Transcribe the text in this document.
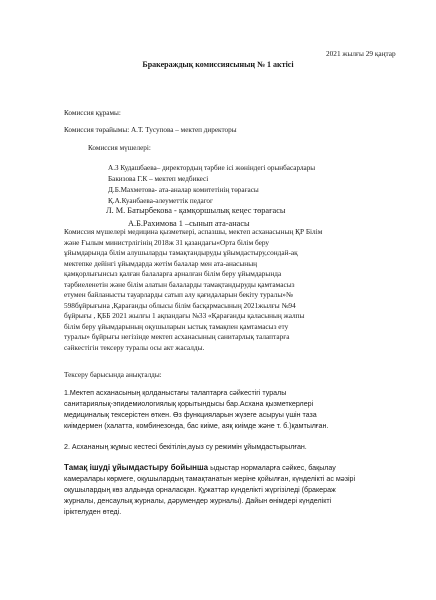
2021 жылғы 29 қаңтар
Бракераждық комиссиясының № 1 актісі
Комиссия құрамы:
Комиссия төрайымы: А.Т. Тусупова – мектеп директоры
Комиссия мүшелері:
А.З Кудашбаева– директордың тәрбие ісі жөніндегі орынбасарлары
Бакизова Г.К – мектеп медбикесі
Д.Б.Махметова- ата-аналар комитетінің төрағасы
Қ.А.Куанбаева-әлеуметтік педагог
Л. М. Батырбекова - қамқоршылық кеңес төрағасы
А.Б.Рахимова 1 –сынып ата-анасы
Комиссия мүшелері медицина қызметкері, аспазшы, мектеп асханасының ҚР Білім
және Ғылым министрлігінің 2018ж 31 қазандағы«Орта білім беру
ұйымдарында білім алушыларды тамақтандыруды ұйымдастыру,сондай-ақ
мектепке дейінгі ұйымдарда жетім балалар мен ата-анасының
қамқорлығынсыз қалған балаларға арналған білім беру ұйымдарында
тәрбиеленетін және білім алатын балаларды тамақтандыруды қамтамасыз
етумен байланысты тауарларды сатып алу қағидаларын бекіту туралы»№
598бұйрығына ,Қарағанды облысы білім басқармасының 2021жылғы №94
бұйрығы , ҚББ 2021 жылғы 1 ақпандағы №33 «Қарағанды қаласының жалпы
білім беру ұйымдарының оқушыларын ыстық тамақпен қамтамасыз ету
туралы» бұйрығы негізінде мектеп асханасының санитарлық талаптарға
сәйкестігін тексеру туралы осы акт жасалды.
Тексеру барысында анықталды:
1.Мектеп асханасының қолданыстағы талаптарға сәйкестігі туралы
санитариялық-эпидемиологиялық қорытындысы бар.Асхана қызметкерлері
медициналық тексерістен өткен. Өз функцияларын жүзеге асыруы үшін таза
киімдермен (халатта, комбинезонда, бас киіме, аяқ киімде және т. б.)қамтылған.
2. Асхананың жұмыс кестесі бекітілін,ауыз су режимін ұйымдастырылған.
Тамақ ішуді ұйымдастыру бойынша ыдыстар нормаларға сәйкес, бақылау
камералары көрмеге, оқушылардың тамақтанатын жеріне қойылған, күнделікті ас мәзірі
оқушылардың көз алдында орналасқан. Құжаттар күнделікті жүргізіледі (бракераж
журналы, денсаулық журналы, дәрумендер журналы). Дайын өнімдері күнделікті
іріктелуден өтеді.
